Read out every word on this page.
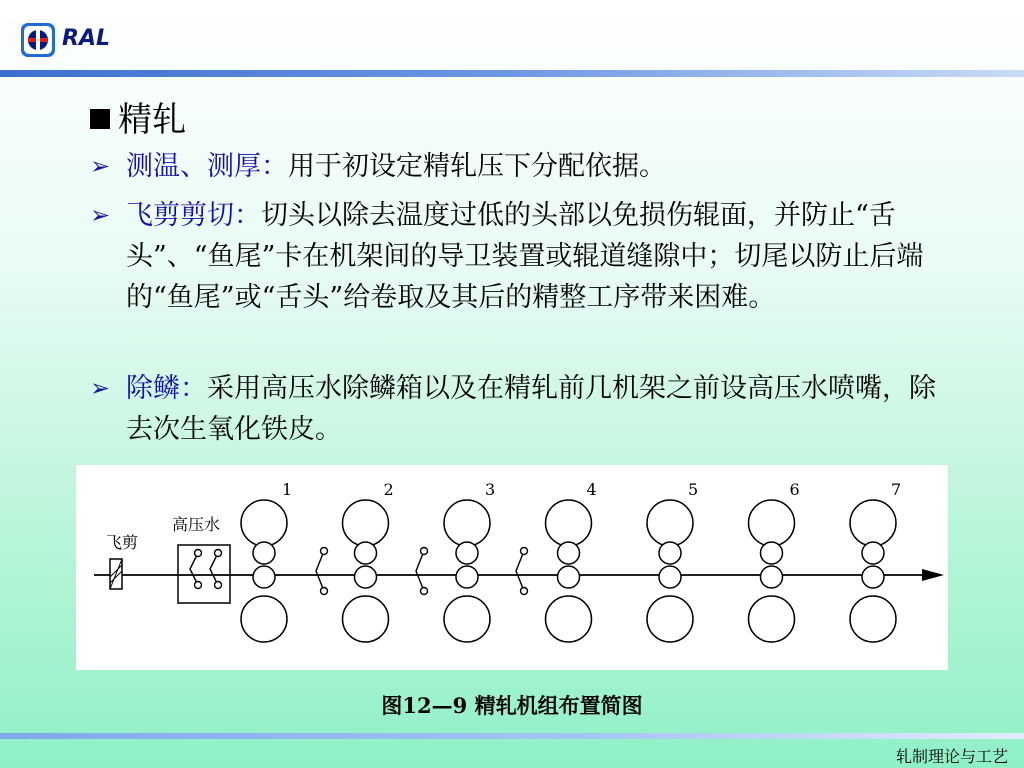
RAL
精轧
➢ 测温、测厚：用于初设定精轧压下分配依据。
➢ 飞剪剪切：切头以除去温度过低的头部以免损伤辊面，并防止“舌头”、“鱼尾”卡在机架间的导卫装置或辊道缝隙中；切尾以防止后端的“鱼尾”或“舌头”给卷取及其后的精整工序带来困难。
➢ 除鳞：采用高压水除鳞箱以及在精轧前几机架之前设高压水喷嘴，除去次生氧化铁皮。
飞剪
高压水
1	2	3	4	5	6	7
图12—9 精轧机组布置简图
轧制理论与工艺
